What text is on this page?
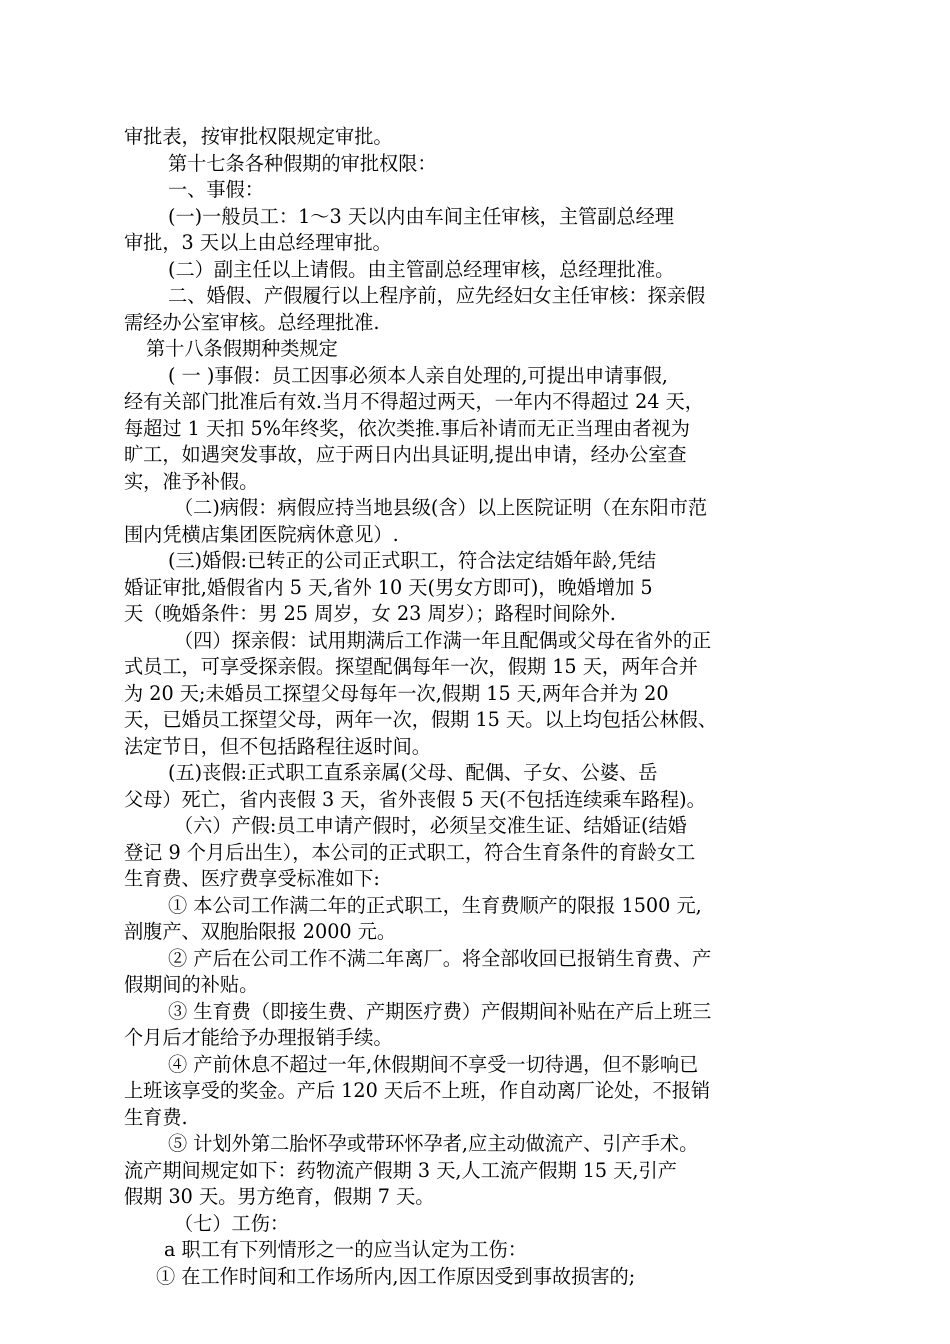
审批表，按审批权限规定审批。
第十七条各种假期的审批权限：
一、事假：
(一)一般员工：1～3 天以内由车间主任审核，主管副总经理
审批，3 天以上由总经理审批。
(二）副主任以上请假。由主管副总经理审核，总经理批准。
二、婚假、产假履行以上程序前，应先经妇女主任审核：探亲假
需经办公室审核。总经理批准.
第十八条假期种类规定
( 一 )事假：员工因事必须本人亲自处理的,可提出申请事假,
经有关部门批准后有效.当月不得超过两天，一年内不得超过 24 天，
每超过 1 天扣 5%年终奖，依次类推.事后补请而无正当理由者视为
旷工，如遇突发事故，应于两日内出具证明,提出申请，经办公室查
实，准予补假。
（二)病假：病假应持当地县级(含）以上医院证明（在东阳市范
围内凭横店集团医院病休意见）.
(三)婚假:已转正的公司正式职工，符合法定结婚年龄,凭结
婚证审批,婚假省内 5 天,省外 10 天(男女方即可)，晚婚增加 5
天（晚婚条件：男 25 周岁，女 23 周岁）；路程时间除外.
（四）探亲假：试用期满后工作满一年且配偶或父母在省外的正
式员工，可享受探亲假。探望配偶每年一次，假期 15 天，两年合并
为 20 天;未婚员工探望父母每年一次,假期 15 天,两年合并为 20
天，已婚员工探望父母，两年一次，假期 15 天。以上均包括公林假、
法定节日，但不包括路程往返时间。
(五)丧假:正式职工直系亲属(父母、配偶、子女、公婆、岳
父母）死亡，省内丧假 3 天，省外丧假 5 天(不包括连续乘车路程)。
（六）产假:员工申请产假时，必须呈交准生证、结婚证(结婚
登记 9 个月后出生），本公司的正式职工，符合生育条件的育龄女工
生育费、医疗费享受标准如下:
① 本公司工作满二年的正式职工，生育费顺产的限报 1500 元,
剖腹产、双胞胎限报 2000 元。
② 产后在公司工作不满二年离厂。将全部收回已报销生育费、产
假期间的补贴。
③ 生育费（即接生费、产期医疗费）产假期间补贴在产后上班三
个月后才能给予办理报销手续。
④ 产前休息不超过一年,休假期间不享受一切待遇，但不影响已
上班该享受的奖金。产后 120 天后不上班，作自动离厂论处，不报销
生育费.
⑤ 计划外第二胎怀孕或带环怀孕者,应主动做流产、引产手术。
流产期间规定如下：药物流产假期 3 天,人工流产假期 15 天,引产
假期 30 天。男方绝育，假期 7 天。
（七）工伤：
a 职工有下列情形之一的应当认定为工伤：
① 在工作时间和工作场所内,因工作原因受到事故损害的;
